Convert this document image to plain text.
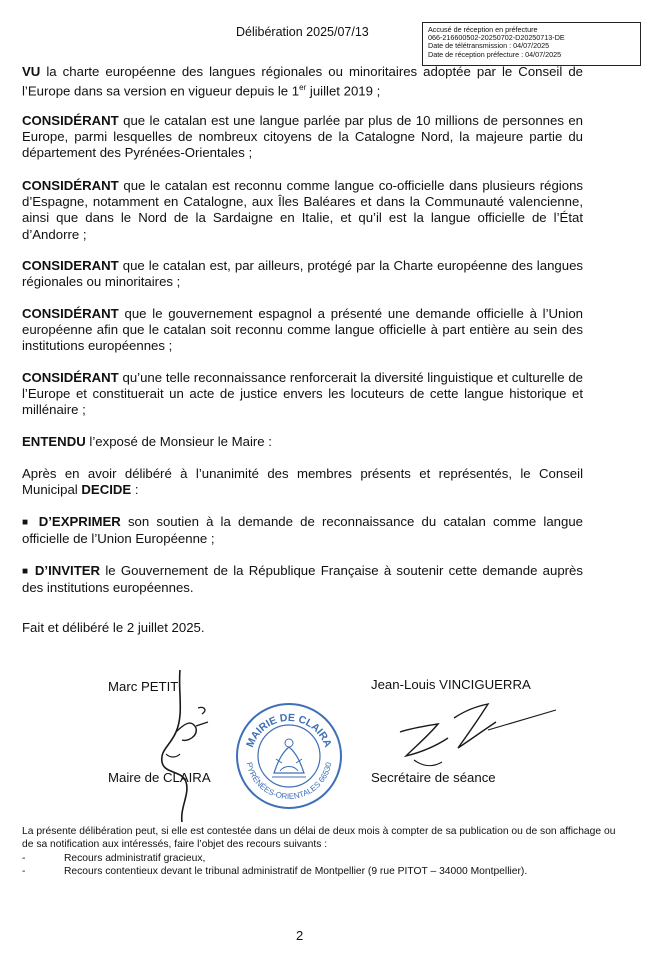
Délibération 2025/07/13	Accusé de réception en préfecture
066-216600502-20250702-D20250713-DE
Date de télétransmission : 04/07/2025
Date de réception préfecture : 04/07/2025
VU la charte européenne des langues régionales ou minoritaires adoptée par le Conseil de l’Europe dans sa version en vigueur depuis le 1er juillet 2019 ;
CONSIDÉRANT que le catalan est une langue parlée par plus de 10 millions de personnes en Europe, parmi lesquelles de nombreux citoyens de la Catalogne Nord, la majeure partie du département des Pyrénées-Orientales ;
CONSIDÉRANT que le catalan est reconnu comme langue co-officielle dans plusieurs régions d’Espagne, notamment en Catalogne, aux Îles Baléares et dans la Communauté valencienne, ainsi que dans le Nord de la Sardaigne en Italie, et qu’il est la langue officielle de l’État d’Andorre ;
CONSIDERANT que le catalan est, par ailleurs, protégé par la Charte européenne des langues régionales ou minoritaires ;
CONSIDÉRANT que le gouvernement espagnol a présenté une demande officielle à l’Union européenne afin que le catalan soit reconnu comme langue officielle à part entière au sein des institutions européennes ;
CONSIDÉRANT qu’une telle reconnaissance renforcerait la diversité linguistique et culturelle de l’Europe et constituerait un acte de justice envers les locuteurs de cette langue historique et millénaire ;
ENTENDU l’exposé de Monsieur le Maire :
Après en avoir délibéré à l’unanimité des membres présents et représentés, le Conseil Municipal DECIDE :
■ D’EXPRIMER son soutien à la demande de reconnaissance du catalan comme langue officielle de l’Union Européenne ;
■ D’INVITER le Gouvernement de la République Française à soutenir cette demande auprès des institutions européennes.
Fait et délibéré le 2 juillet 2025.
Marc PETIT
Maire de CLAIRA
Jean-Louis VINCIGUERRA
Secrétaire de séance
MAIRIE DE CLAIRA
PYRÉNÉES-ORIENTALES 66530
La présente délibération peut, si elle est contestée dans un délai de deux mois à compter de sa publication ou de son affichage ou de sa notification aux intéressés, faire l’objet des recours suivants :
-	Recours administratif gracieux,
-	Recours contentieux devant le tribunal administratif de Montpellier (9 rue PITOT – 34000 Montpellier).
2
